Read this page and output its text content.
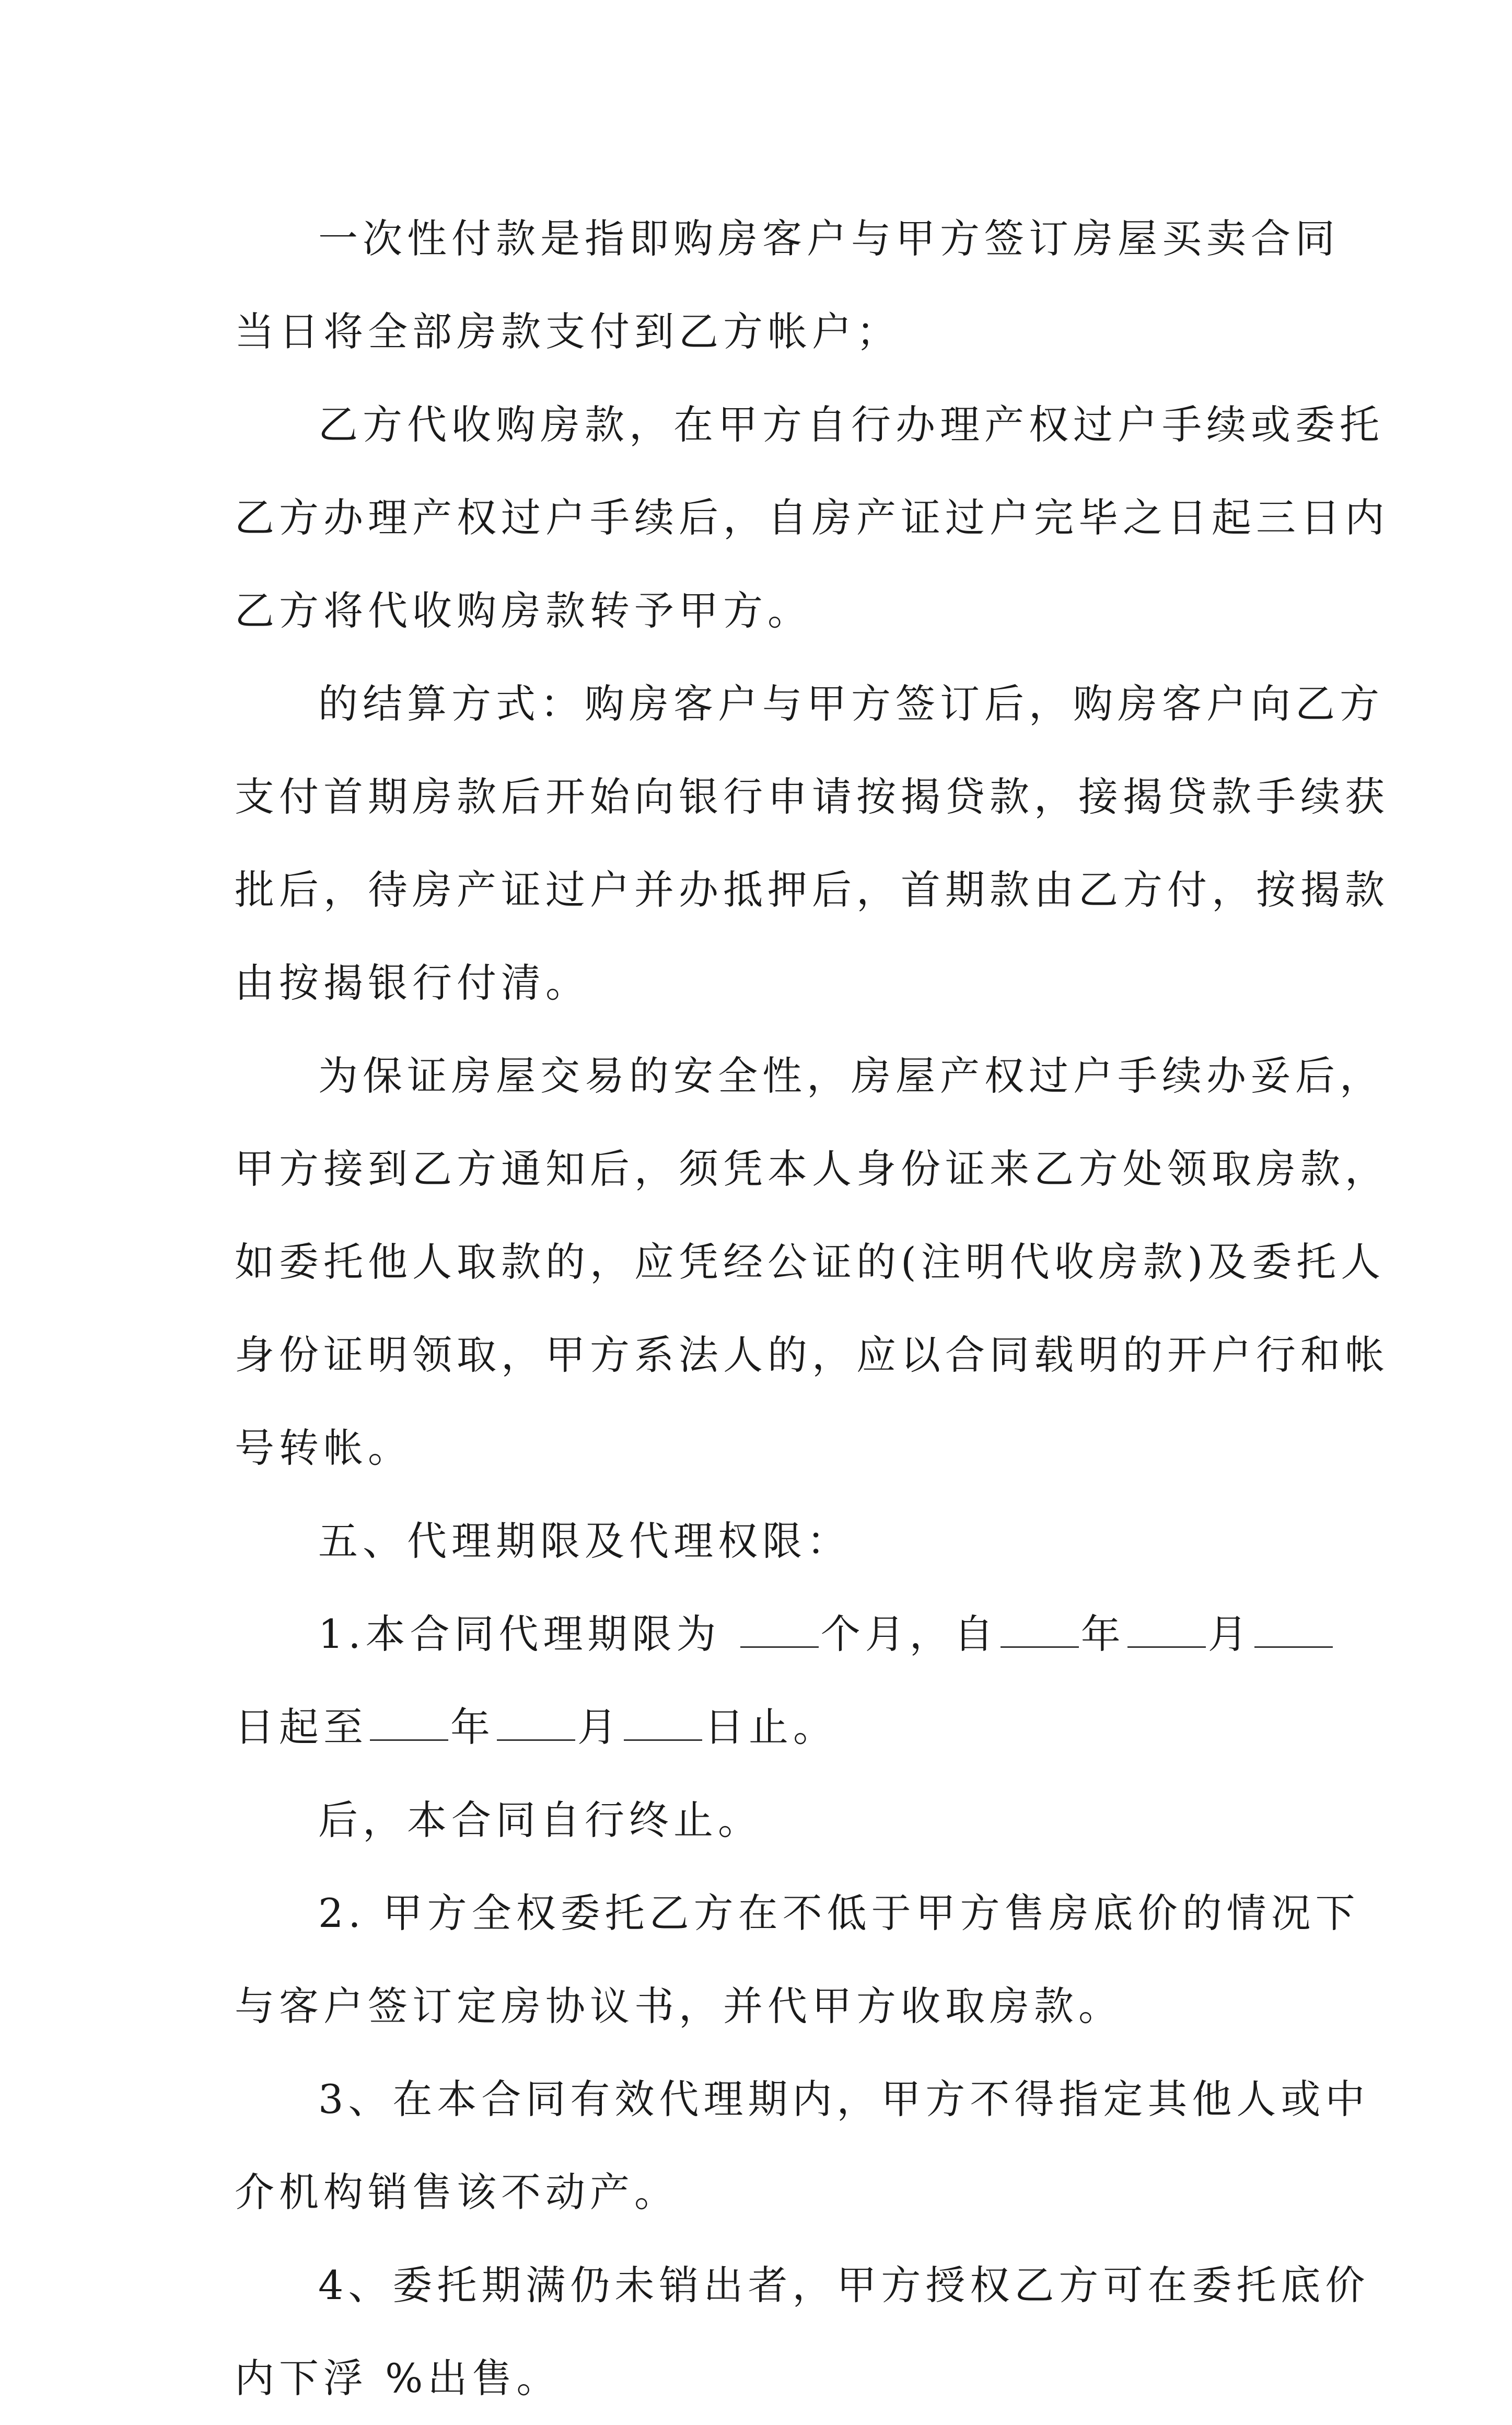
一次性付款是指即购房客户与甲方签订房屋买卖合同
当日将全部房款支付到乙方帐户；
乙方代收购房款，在甲方自行办理产权过户手续或委托
乙方办理产权过户手续后，自房产证过户完毕之日起三日内
乙方将代收购房款转予甲方。
的结算方式：购房客户与甲方签订后，购房客户向乙方
支付首期房款后开始向银行申请按揭贷款，接揭贷款手续获
批后，待房产证过户并办抵押后，首期款由乙方付，按揭款
由按揭银行付清。
为保证房屋交易的安全性，房屋产权过户手续办妥后，
甲方接到乙方通知后，须凭本人身份证来乙方处领取房款，
如委托他人取款的，应凭经公证的(注明代收房款)及委托人
身份证明领取，甲方系法人的，应以合同载明的开户行和帐
号转帐。
五、代理期限及代理权限：
1.本合同代理期限为	个月，自 年 月
日起至 年 月 日止。
后，本合同自行终止。
2. 甲方全权委托乙方在不低于甲方售房底价的情况下
与客户签订定房协议书，并代甲方收取房款。
3、在本合同有效代理期内，甲方不得指定其他人或中
介机构销售该不动产。
4、委托期满仍未销出者，甲方授权乙方可在委托底价
内下浮 %出售。
